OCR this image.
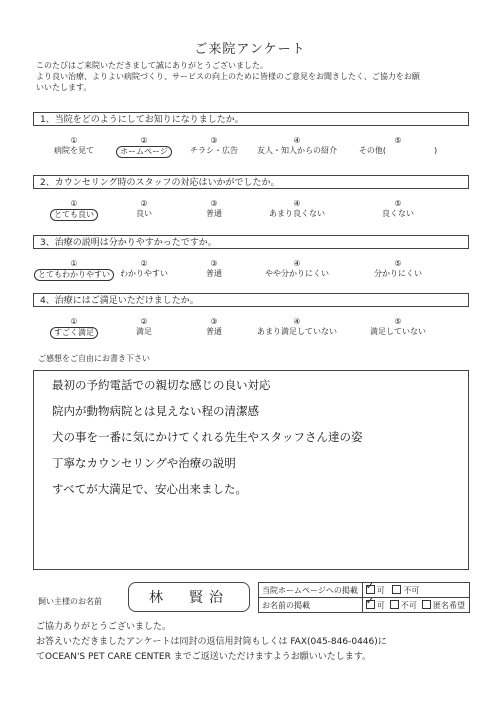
ご来院アンケート
このたびはご来院いただきまして誠にありがとうございました。
より良い治療、よりよい病院づくり、サービスの向上のために皆様のご意見をお聞きしたく、ご協力をお願
いいたします。
1、当院をどのようにしてお知りになりましたか。
①
病院を見て
②
ホームページ
③
チラシ・広告
④
友人・知人からの紹介
⑤
その他(　　　　　　)
2、カウンセリング時のスタッフの対応はいかがでしたか。
①
とても良い
②
良い
③
普通
④
あまり良くない
⑤
良くない
3、治療の説明は分かりやすかったですか。
①
とてもわかりやすい
②
わかりやすい
③
普通
④
やや分かりにくい
⑤
分かりにくい
4、治療にはご満足いただけましたか。
①
すごく満足
②
満足
③
普通
④
あまり満足していない
⑤
満足していない
ご感想をご自由にお書き下さい
最初の予約電話での親切な感じの良い対応
院内が動物病院とは見えない程の清潔感
犬の事を一番に気にかけてくれる先生やスタッフさん達の姿
丁寧なカウンセリングや治療の説明
すべてが大満足で、安心出来ました。
飼い主様のお名前	林　賢治	当院ホームページへの掲載	✓可 不可
お名前の掲載	✓可 不可 匿名希望
ご協力ありがとうございました。
お答えいただきましたアンケートは同封の返信用封筒もしくは FAX(045-846-0446)に
てOCEAN'S PET CARE CENTER までご返送いただけますようお願いいたします。
